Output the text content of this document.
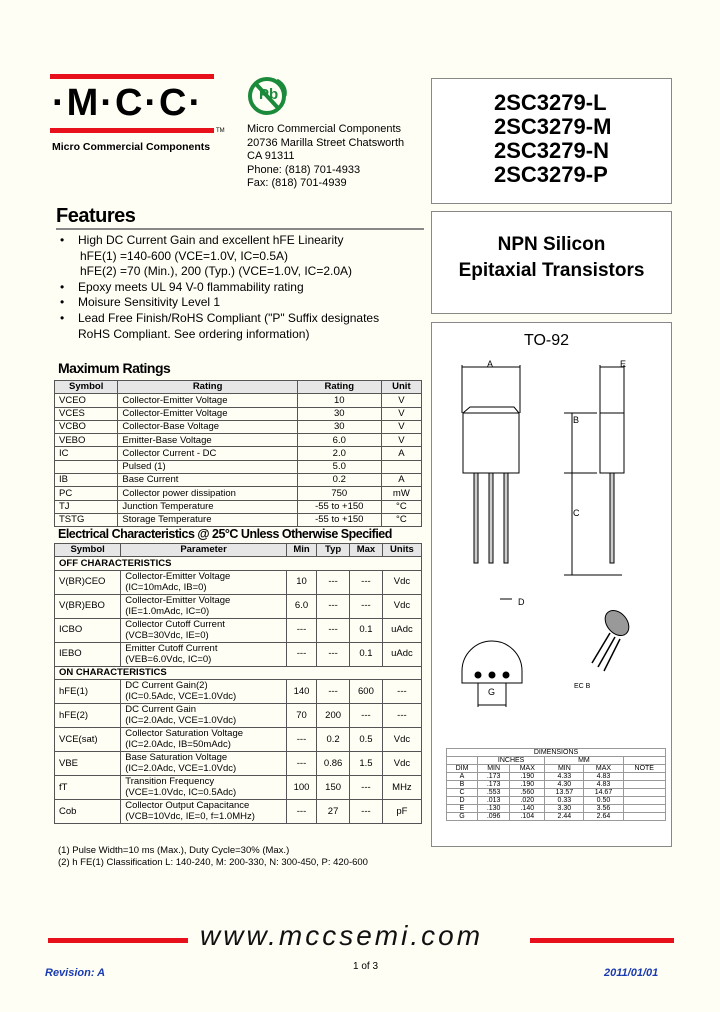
·M·C·C·
TM
Micro Commercial Components
Pb
Micro Commercial Components
20736 Marilla Street Chatsworth
CA 91311
Phone: (818) 701-4933
Fax: (818) 701-4939
2SC3279-L
2SC3279-M
2SC3279-N
2SC3279-P
NPN Silicon
Epitaxial Transistors
TO-92
A	E
B
C
D
G
EC B
DIMENSIONS					
	INCHES		MM		
DIM	MIN	MAX	MIN	MAX	NOTE
A	.173	.190	4.33	4.83	
B	.173	.190	4.30	4.83	
C	.553	.560	13.57	14.67	
D	.013	.020	0.33	0.50	
E	.130	.140	3.30	3.56	
G	.096	.104	2.44	2.64	
Features
• High DC Current Gain and excellent hFE Linearity
hFE(1) =140-600 (VCE=1.0V, IC=0.5A)
hFE(2) =70 (Min.), 200 (Typ.) (VCE=1.0V, IC=2.0A)
• Epoxy meets UL 94 V-0 flammability rating
• Moisure Sensitivity Level 1
• Lead Free Finish/RoHS Compliant ("P" Suffix designates
RoHS Compliant. See ordering information)
Maximum Ratings
Symbol	Rating	Rating	Unit
VCEO	Collector-Emitter Voltage	10	V
VCES	Collector-Emitter Voltage	30	V
VCBO	Collector-Base Voltage	30	V
VEBO	Emitter-Base Voltage	6.0	V
IC	Collector Current - DC	2.0	A
	Pulsed (1)	5.0	
IB	Base Current	0.2	A
PC	Collector power dissipation	750	mW
TJ	Junction Temperature	-55 to +150	°C
TSTG	Storage Temperature	-55 to +150	°C
Electrical Characteristics @ 25°C Unless Otherwise Specified
Symbol	Parameter	Min	Typ	Max	Units
OFF CHARACTERISTICS					
V(BR)CEO	Collector-Emitter Voltage
(IC=10mAdc, IB=0)	10	---	---	Vdc
V(BR)EBO	Collector-Emitter Voltage
(IE=1.0mAdc, IC=0)	6.0	---	---	Vdc
ICBO	Collector Cutoff Current
(VCB=30Vdc, IE=0)	---	---	0.1	uAdc
IEBO	Emitter Cutoff Current
(VEB=6.0Vdc, IC=0)	---	---	0.1	uAdc
ON CHARACTERISTICS					
hFE(1)	DC Current Gain(2)
(IC=0.5Adc, VCE=1.0Vdc)	140	---	600	---
hFE(2)	DC Current Gain
(IC=2.0Adc, VCE=1.0Vdc)	70	200	---	---
VCE(sat)	Collector Saturation Voltage
(IC=2.0Adc, IB=50mAdc)	---	0.2	0.5	Vdc
VBE	Base Saturation Voltage
(IC=2.0Adc, VCE=1.0Vdc)	---	0.86	1.5	Vdc
fT	Transition Frequency
(VCE=1.0Vdc, IC=0.5Adc)	100	150	---	MHz
Cob	Collector Output Capacitance
(VCB=10Vdc, IE=0, f=1.0MHz)	---	27	---	pF
(1) Pulse Width=10 ms (Max.), Duty Cycle=30% (Max.)
(2) h FE(1) Classification L: 140-240, M: 200-330, N: 300-450, P: 420-600
www.mccsemi.com
Revision: A
1 of 3
2011/01/01
